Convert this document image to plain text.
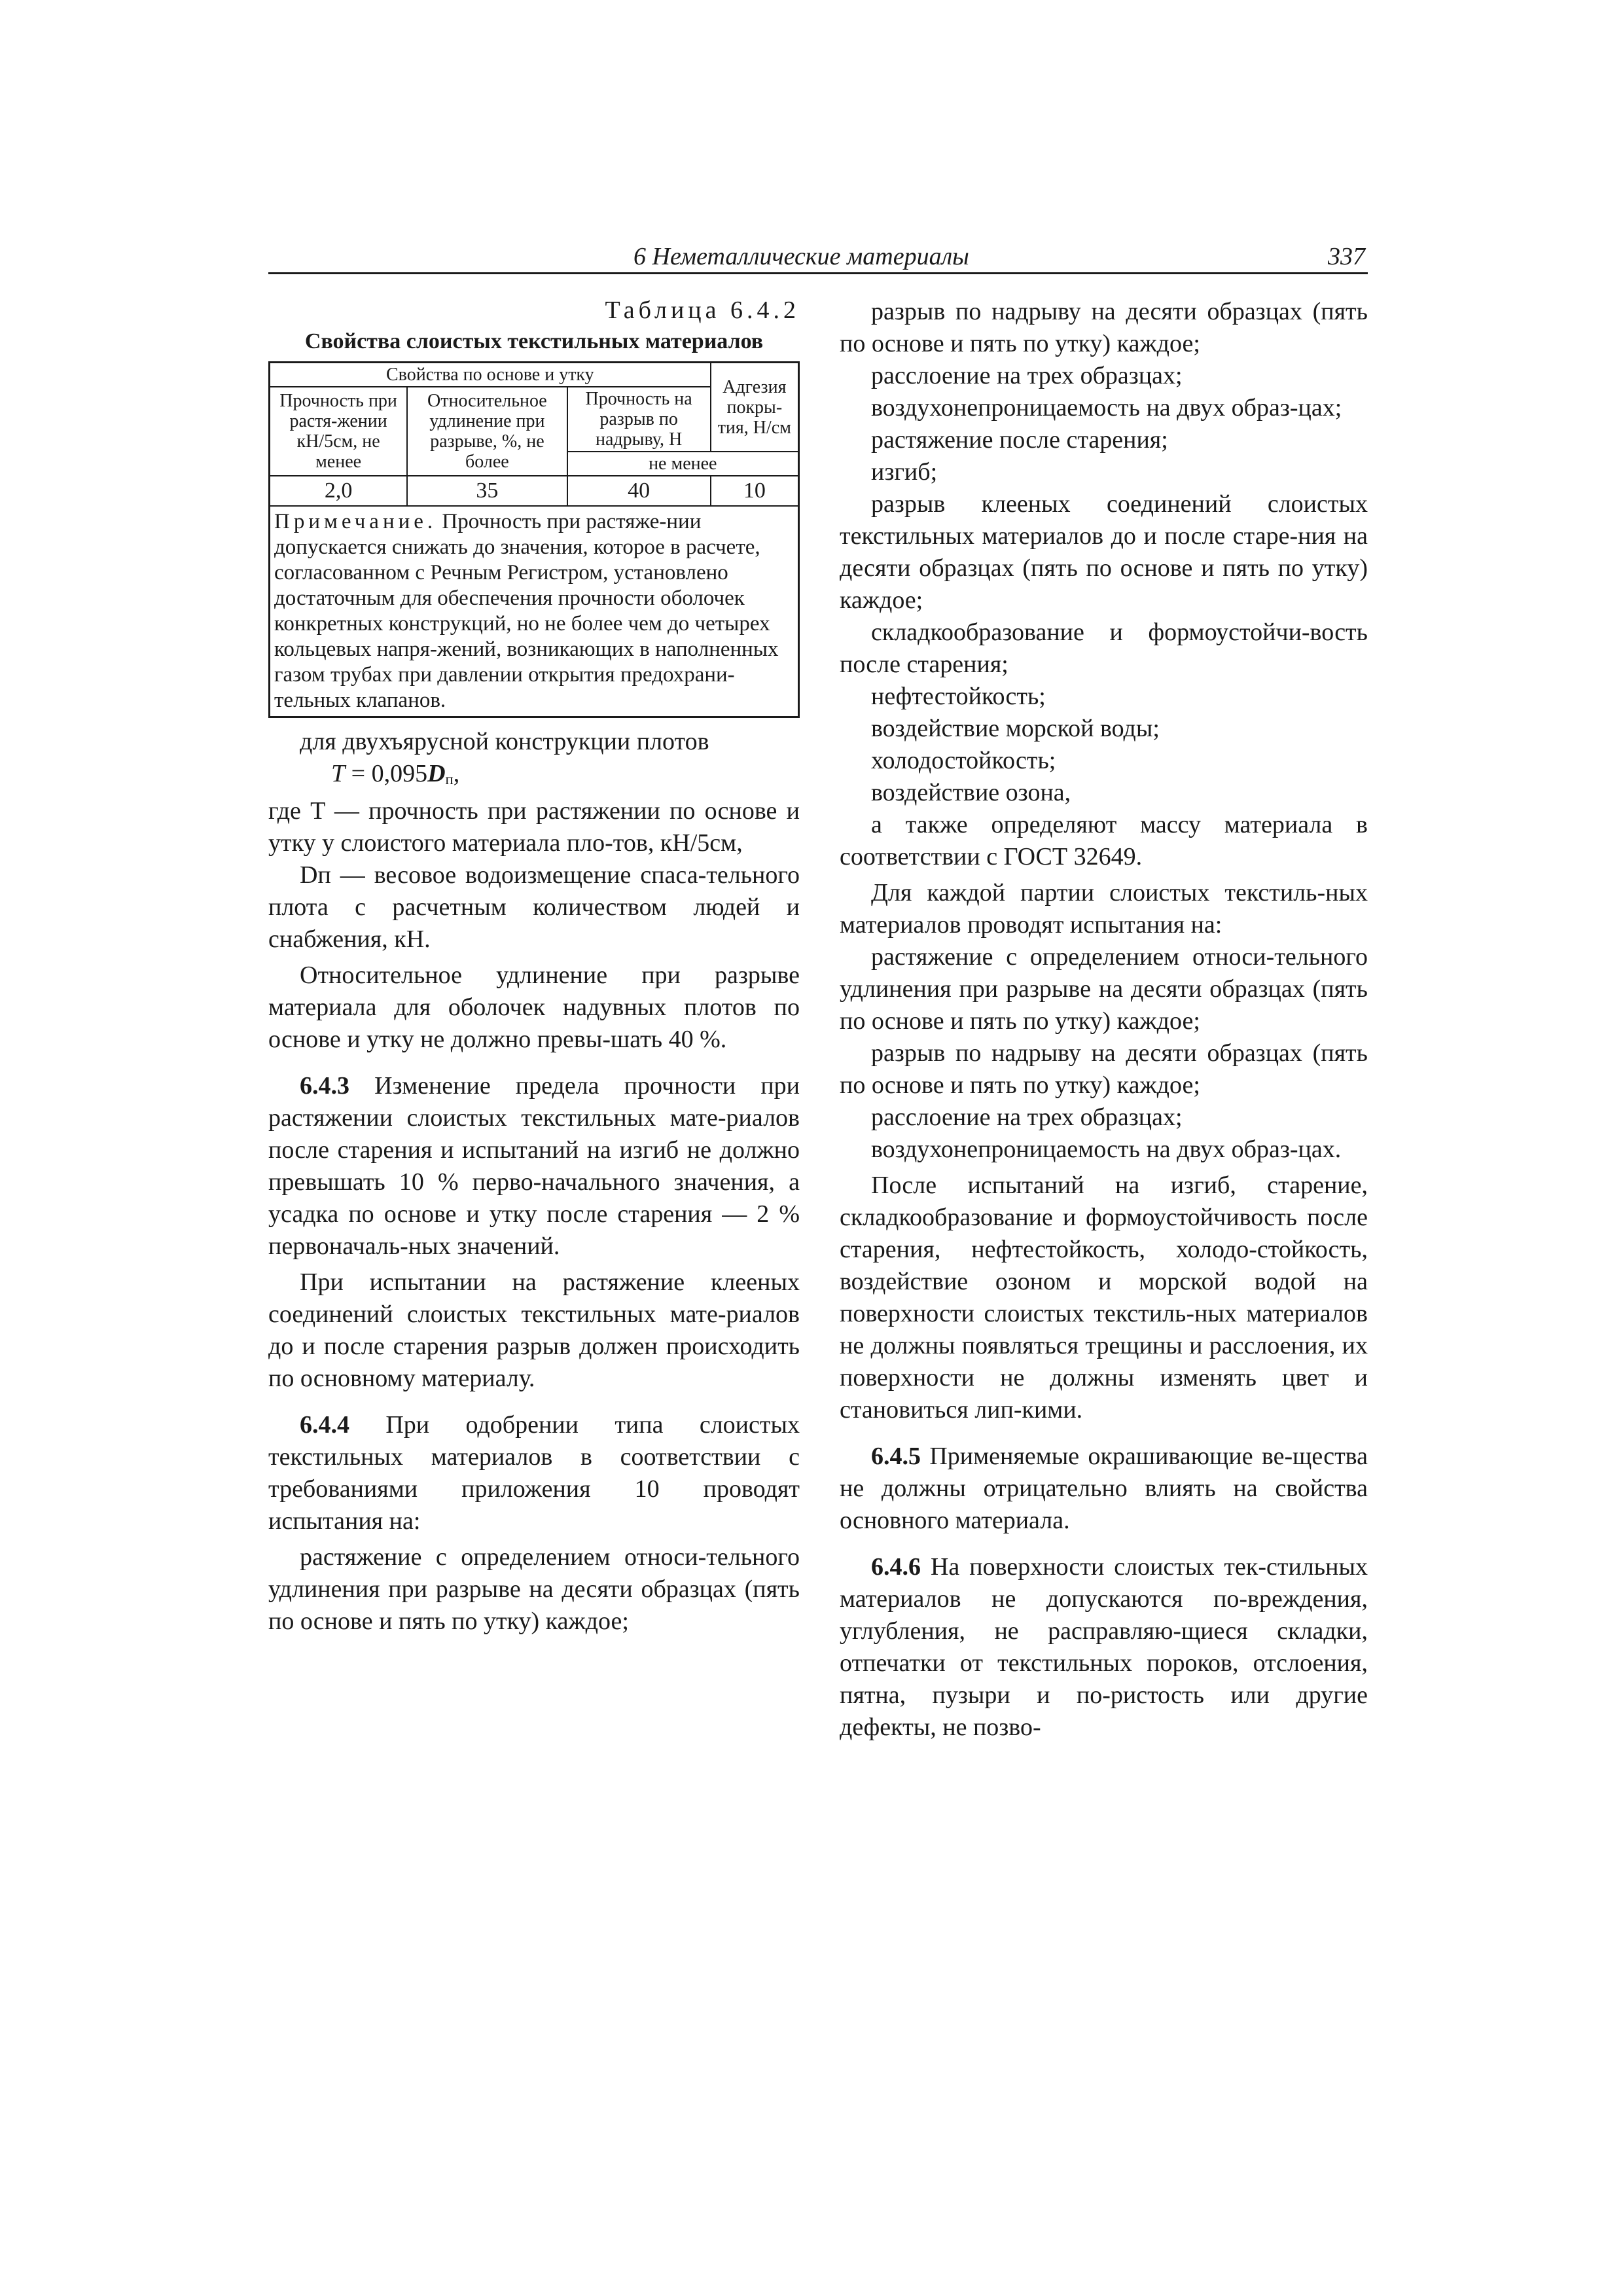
6 Неметаллические материалы	337
Таблица 6.4.2
Свойства слоистых текстильных материалов
Свойства по основе и утку			Адгезия покры-тия, Н/см
Прочность при растя-жении кН/5см, не менее	Относительное удлинение при разрыве, %, не более	Прочность на разрыв по надрыву, Н	
		не менее	
2,0	35	40	10
Примечание. Прочность при растяже-нии допускается снижать до значения, которое в расчете, согласованном с Речным Регистром, установлено достаточным для обеспечения прочности оболочек конкретных конструкций, но не более чем до четырех кольцевых напря-жений, возникающих в наполненных газом трубах при давлении открытия предохрани-тельных клапанов.			

для двухъярусной конструкции плотов

$T = 0,095D_п$,

где T — прочность при растяжении по основе и утку у слоистого материала пло-тов, кН/5см,

Dп — весовое водоизмещение спаса-тельного плота с расчетным количеством людей и снабжения, кН.

Относительное удлинение при разрыве материала для оболочек надувных плотов по основе и утку не должно превы-шать 40 %.

6.4.3 Изменение предела прочности при растяжении слоистых текстильных мате-риалов после старения и испытаний на изгиб не должно превышать 10 % перво-начального значения, а усадка по основе и утку после старения — 2 % первоначаль-ных значений.

При испытании на растяжение клееных соединений слоистых текстильных мате-риалов до и после старения разрыв должен происходить по основному материалу.

6.4.4 При одобрении типа слоистых текстильных материалов в соответствии с требованиями приложения 10 проводят испытания на:

растяжение с определением относи-тельного удлинения при разрыве на десяти образцах (пять по основе и пять по утку) каждое;

разрыв по надрыву на десяти образцах (пять по основе и пять по утку) каждое;

расслоение на трех образцах;

воздухонепроницаемость на двух образ-цах;

растяжение после старения;

изгиб;

разрыв клееных соединений слоистых текстильных материалов до и после старе-ния на десяти образцах (пять по основе и пять по утку) каждое;

складкообразование и формоустойчи-вость после старения;

нефтестойкость;

воздействие морской воды;

холодостойкость;

воздействие озона,

а также определяют массу материала в соответствии с ГОСТ 32649.

Для каждой партии слоистых текстиль-ных материалов проводят испытания на:

растяжение с определением относи-тельного удлинения при разрыве на десяти образцах (пять по основе и пять по утку) каждое;

разрыв по надрыву на десяти образцах (пять по основе и пять по утку) каждое;

расслоение на трех образцах;

воздухонепроницаемость на двух образ-цах.

После испытаний на изгиб, старение, складкообразование и формоустойчивость после старения, нефтестойкость, холодо-стойкость, воздействие озоном и морской водой на поверхности слоистых текстиль-ных материалов не должны появляться трещины и расслоения, их поверхности не должны изменять цвет и становиться лип-кими.

6.4.5 Применяемые окрашивающие ве-щества не должны отрицательно влиять на свойства основного материала.

6.4.6 На поверхности слоистых тек-стильных материалов не допускаются по-вреждения, углубления, не расправляю-щиеся складки, отпечатки от текстильных пороков, отслоения, пятна, пузыри и по-ристость или другие дефекты, не позво-
